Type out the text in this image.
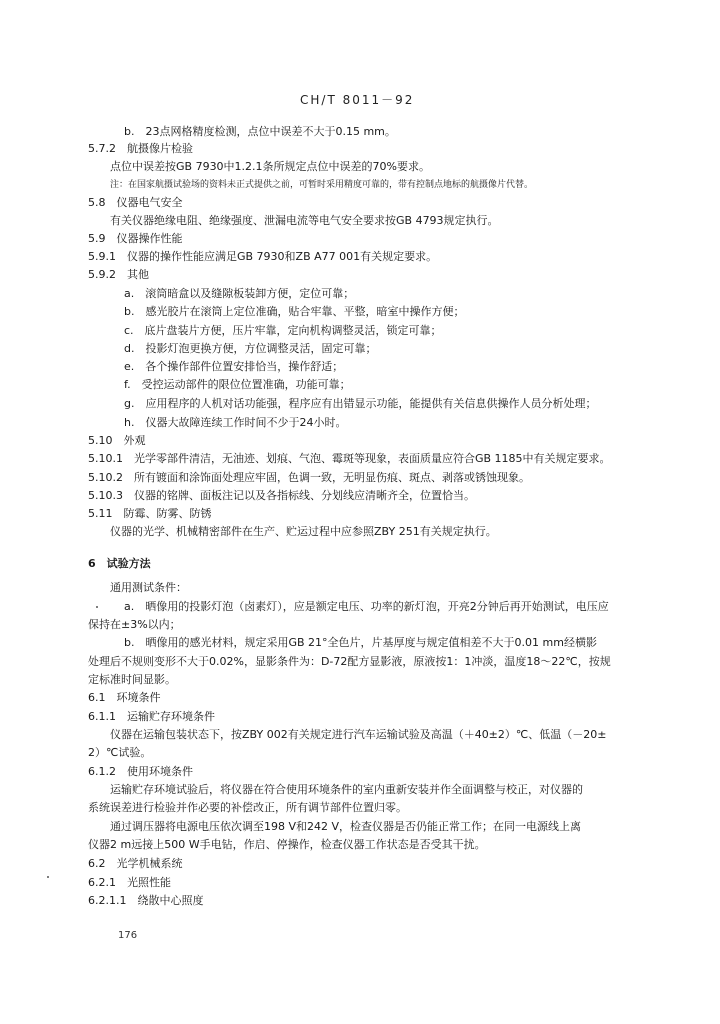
CH/T 8011－92
b.　23点网格精度检测，点位中误差不大于0.15 mm。
5.7.2　航摄像片检验
点位中误差按GB 7930中1.2.1条所规定点位中误差的70%要求。
注：在国家航摄试验场的资料未正式提供之前，可暂时采用精度可靠的，带有控制点地标的航摄像片代替。
5.8　仪器电气安全
有关仪器绝缘电阻、绝缘强度、泄漏电流等电气安全要求按GB 4793规定执行。
5.9　仪器操作性能
5.9.1　仪器的操作性能应满足GB 7930和ZB A77 001有关规定要求。
5.9.2　其他
a.　滚筒暗盒以及缝隙板装卸方便，定位可靠；
b.　感光胶片在滚筒上定位准确，贴合牢靠、平整，暗室中操作方便；
c.　底片盘装片方便，压片牢靠，定向机构调整灵活，锁定可靠；
d.　投影灯泡更换方便，方位调整灵活，固定可靠；
e.　各个操作部件位置安排恰当，操作舒适；
f.　受控运动部件的限位位置准确，功能可靠；
g.　应用程序的人机对话功能强，程序应有出错显示功能，能提供有关信息供操作人员分析处理；
h.　仪器大故障连续工作时间不少于24小时。
5.10　外观
5.10.1　光学零部件清洁，无油迹、划痕、气泡、霉斑等现象，表面质量应符合GB 1185中有关规定要求。
5.10.2　所有镀面和涂饰面处理应牢固，色调一致，无明显伤痕、斑点、剥落或锈蚀现象。
5.10.3　仪器的铭牌、面板注记以及各指标线、分划线应清晰齐全，位置恰当。
5.11　防霉、防雾、防锈
仪器的光学、机械精密部件在生产、贮运过程中应参照ZBY 251有关规定执行。
6　试验方法
通用测试条件：
a.　晒像用的投影灯泡（卤素灯），应是额定电压、功率的新灯泡，开亮2分钟后再开始测试，电压应
保持在±3%以内；
b.　晒像用的感光材料，规定采用GB 21°全色片，片基厚度与规定值相差不大于0.01 mm经横影
处理后不规则变形不大于0.02%，显影条件为：D-72配方显影液，原液按1：1冲淡，温度18～22℃，按规
定标准时间显影。
6.1　环境条件
6.1.1　运输贮存环境条件
仪器在运输包装状态下，按ZBY 002有关规定进行汽车运输试验及高温（＋40±2）℃、低温（－20±
2）℃试验。
6.1.2　使用环境条件
运输贮存环境试验后，将仪器在符合使用环境条件的室内重新安装并作全面调整与校正，对仪器的
系统误差进行检验并作必要的补偿改正，所有调节部件位置归零。
通过调压器将电源电压依次调至198 V和242 V，检查仪器是否仍能正常工作；在同一电源线上离
仪器2 m远接上500 W手电钻，作启、停操作，检查仪器工作状态是否受其干扰。
6.2　光学机械系统
6.2.1　光照性能
6.2.1.1　绕散中心照度
176
